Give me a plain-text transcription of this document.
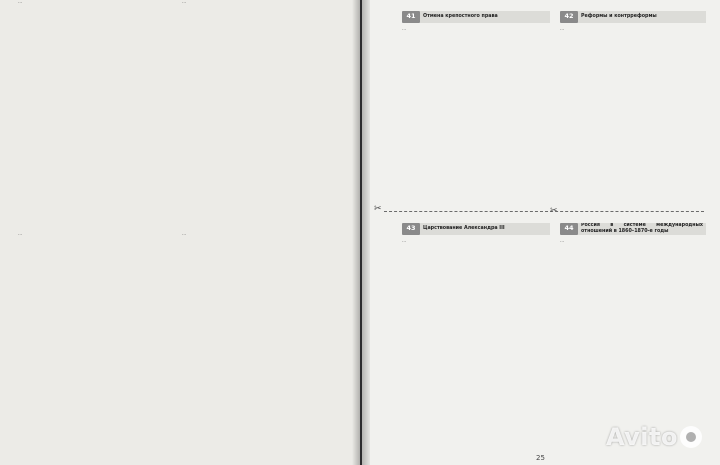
...	...

...	...

41	Отмена крепостного права

...

42	Реформы и контрреформы

...

✂	✂
43	Царствование Александра III

...

44	Россия в системе международных отношений в 1860–1870-е годы

...

25
Avito
